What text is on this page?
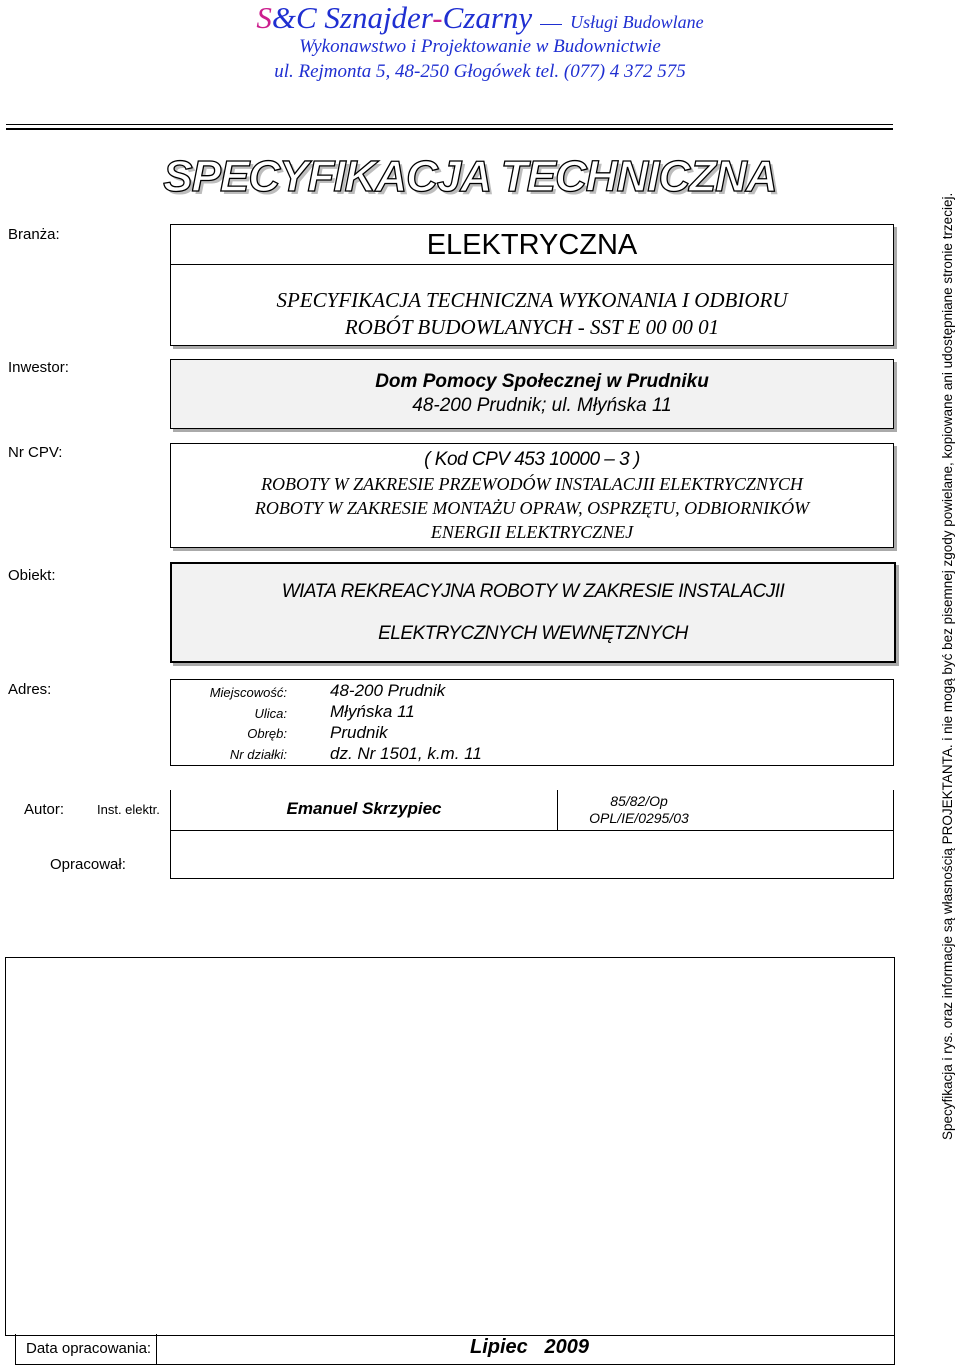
S&C Sznajder-Czarny Usługi Budowlane
Wykonawstwo i Projektowanie w Budownictwie
ul. Rejmonta 5, 48-250 Głogówek tel. (077) 4 372 575
SPECYFIKACJA TECHNICZNA
Branża:
Inwestor:
Nr CPV:
Obiekt:
Adres:
Autor:
Opracował:
ELEKTRYCZNA
SPECYFIKACJA TECHNICZNA WYKONANIA I ODBIORU
ROBÓT BUDOWLANYCH - SST E 00 00 01
Dom Pomocy Społecznej w Prudniku
48-200 Prudnik; ul. Młyńska 11
( Kod CPV 453 10000 – 3 )
ROBOTY W ZAKRESIE PRZEWODÓW INSTALACJII ELEKTRYCZNYCH
ROBOTY W ZAKRESIE MONTAŻU OPRAW, OSPRZĘTU, ODBIORNIKÓW
ENERGII ELEKTRYCZNEJ
WIATA REKREACYJNA ROBOTY W ZAKRESIE INSTALACJII
ELEKTRYCZNYCH WEWNĘTZNYCH
Miejscowość:
Ulica:
Obręb:
Nr działki:
48-200 Prudnik
Młyńska 11
Prudnik
dz. Nr 1501, k.m. 11
Emanuel Skrzypiec	85/82/Op
OPL/IE/0295/03
Inst. elektr.
Data opracowania:	Lipiec   2009
Specyfikacja i rys. oraz informacje są własnością PROJEKTANTA. i nie mogą być bez pisemnej zgody powielane, kopiowane ani udostępniane stronie trzeciej.
